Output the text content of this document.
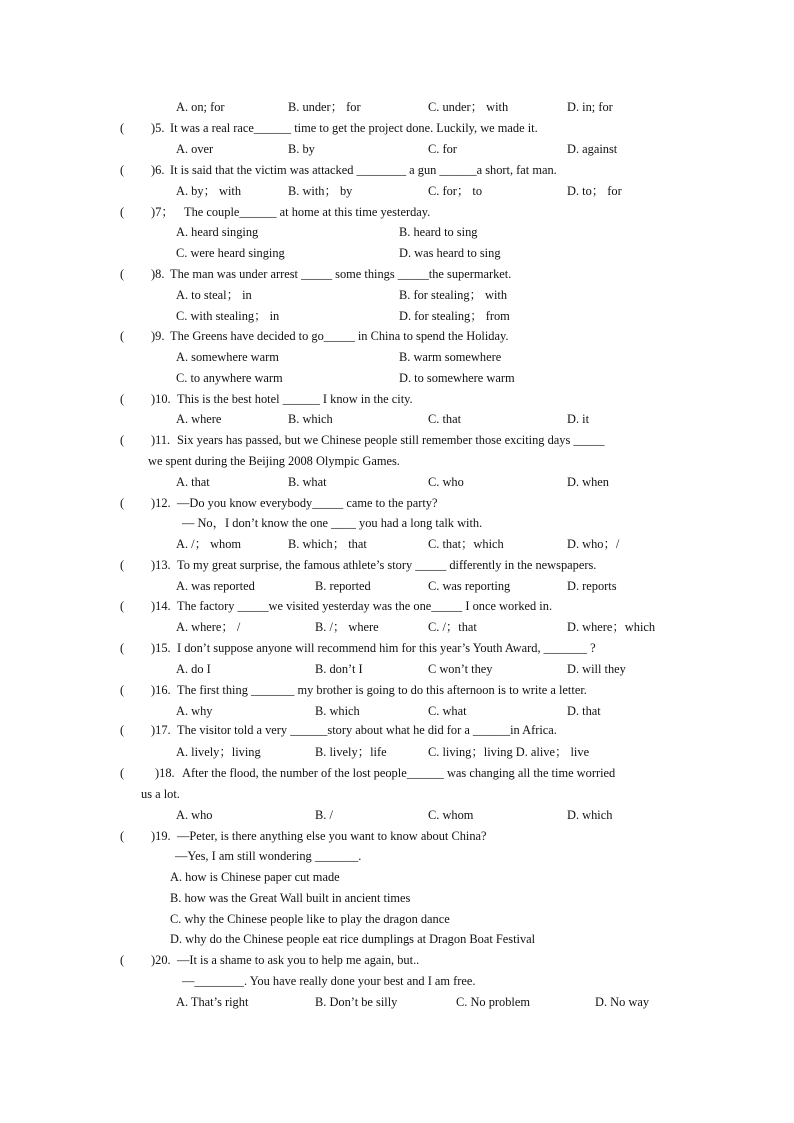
A. on; for	B. under； for	C. under； with	D. in; for
( )5. It was a real race______ time to get the project done. Luckily, we made it.
A. over	B. by	C. for	D. against
( )6. It is said that the victim was attacked ________ a gun ______a short, fat man.
A. by； with	B. with； by	C. for； to	D. to； for
( )7； The couple______ at home at this time yesterday.
A. heard singing	B. heard to sing
C. were heard singing	D. was heard to sing
( )8. The man was under arrest _____ some things _____the supermarket.
A. to steal； in	B. for stealing； with
C. with stealing； in	D. for stealing； from
( )9. The Greens have decided to go_____ in China to spend the Holiday.
A. somewhere warm	B. warm somewhere
C. to anywhere warm	D. to somewhere warm
( )10. This is the best hotel ______ I know in the city.
A. where	B. which	C. that	D. it
( )11. Six years has passed, but we Chinese people still remember those exciting days _____
we spent during the Beijing 2008 Olympic Games.
A. that	B. what	C. who	D. when
( )12. —Do you know everybody_____ came to the party?
— No，I don’t know the one ____ you had a long talk with.
A. /； whom	B. which； that	C. that；which	D. who；/
( )13. To my great surprise, the famous athlete’s story _____ differently in the newspapers.
A. was reported	B. reported	C. was reporting	D. reports
( )14. The factory _____we visited yesterday was the one_____ I once worked in.
A. where； /	B. /； where	C. /；that	D. where；which
( )15. I don’t suppose anyone will recommend him for this year’s Youth Award, _______ ?
A. do I	B. don’t I	C won’t they	D. will they
( )16. The first thing _______ my brother is going to do this afternoon is to write a letter.
A. why	B. which	C. what	D. that
( )17. The visitor told a very ______story about what he did for a ______in Africa.
A. lively；living	B. lively；life	C. living；living D. alive； live
( )18. After the flood, the number of the lost people______ was changing all the time worried
us a lot.
A. who	B. /	C. whom	D. which
( )19. —Peter, is there anything else you want to know about China?
—Yes, I am still wondering _______.
A. how is Chinese paper cut made
B. how was the Great Wall built in ancient times
C. why the Chinese people like to play the dragon dance
D. why do the Chinese people eat rice dumplings at Dragon Boat Festival
( )20. —It is a shame to ask you to help me again, but..
—________. You have really done your best and I am free.
A. That’s right	B. Don’t be silly	C. No problem	D. No way
